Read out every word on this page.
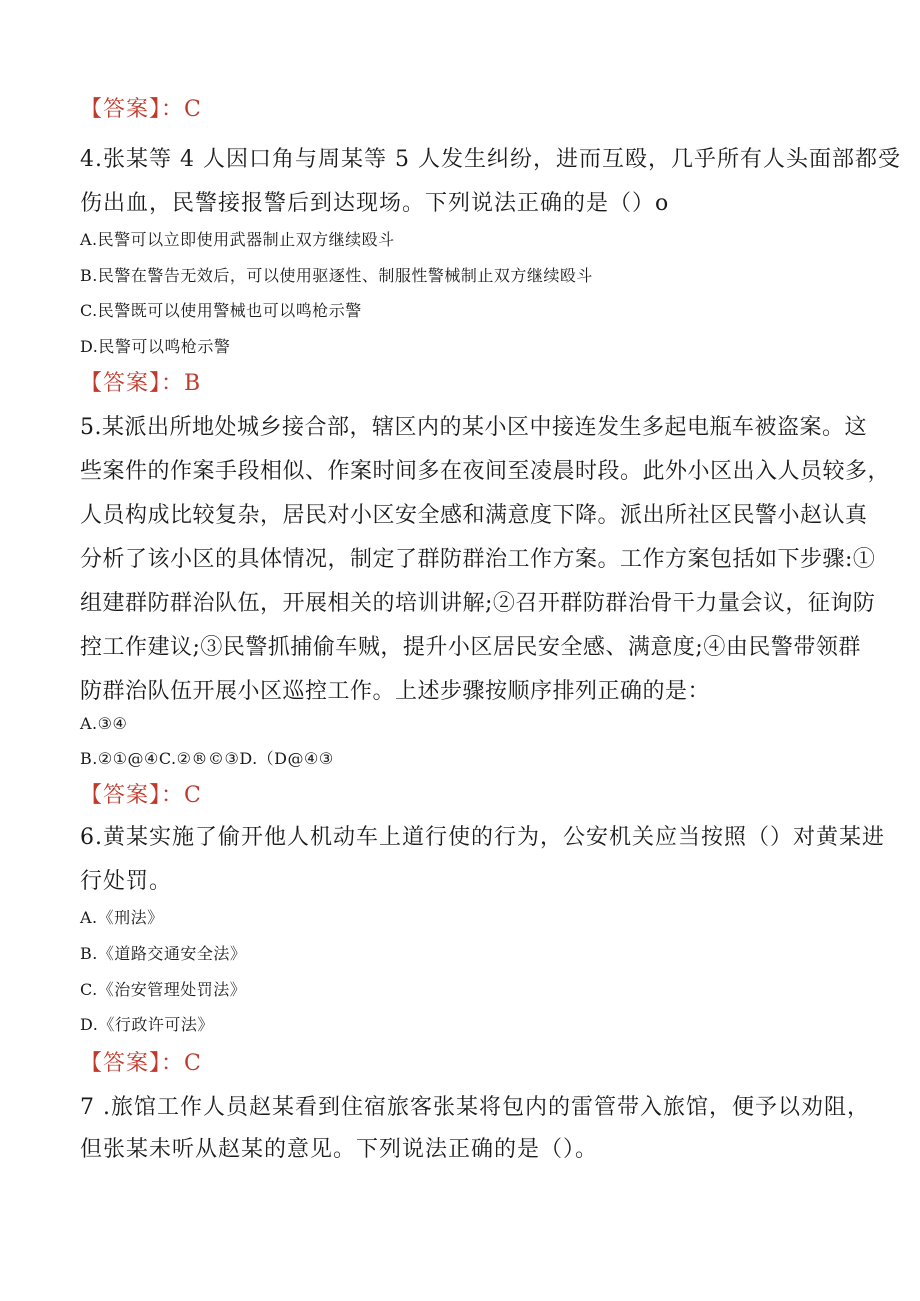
【答案】：C
4.张某等 4 人因口角与周某等 5 人发生纠纷，进而互殴，几乎所有人头面部都受
伤出血，民警接报警后到达现场。下列说法正确的是（）o
A.民警可以立即使用武器制止双方继续殴斗
B.民警在警告无效后，可以使用驱逐性、制服性警械制止双方继续殴斗
C.民警既可以使用警械也可以鸣枪示警
D.民警可以鸣枪示警
【答案】：B
5.某派出所地处城乡接合部，辖区内的某小区中接连发生多起电瓶车被盗案。这
些案件的作案手段相似、作案时间多在夜间至凌晨时段。此外小区出入人员较多，
人员构成比较复杂，居民对小区安全感和满意度下降。派出所社区民警小赵认真
分析了该小区的具体情况，制定了群防群治工作方案。工作方案包括如下步骤:①
组建群防群治队伍，开展相关的培训讲解;②召开群防群治骨干力量会议，征询防
控工作建议;③民警抓捕偷车贼，提升小区居民安全感、满意度;④由民警带领群
防群治队伍开展小区巡控工作。上述步骤按顺序排列正确的是：
A.③④
B.②①@④C.②®©③D.（D@④③
【答案】：C
6.黄某实施了偷开他人机动车上道行使的行为，公安机关应当按照（）对黄某进
行处罚。
A.《刑法》
B.《道路交通安全法》
C.《治安管理处罚法》
D.《行政许可法》
【答案】：C
7 .旅馆工作人员赵某看到住宿旅客张某将包内的雷管带入旅馆，便予以劝阻，
但张某未听从赵某的意见。下列说法正确的是（）。
